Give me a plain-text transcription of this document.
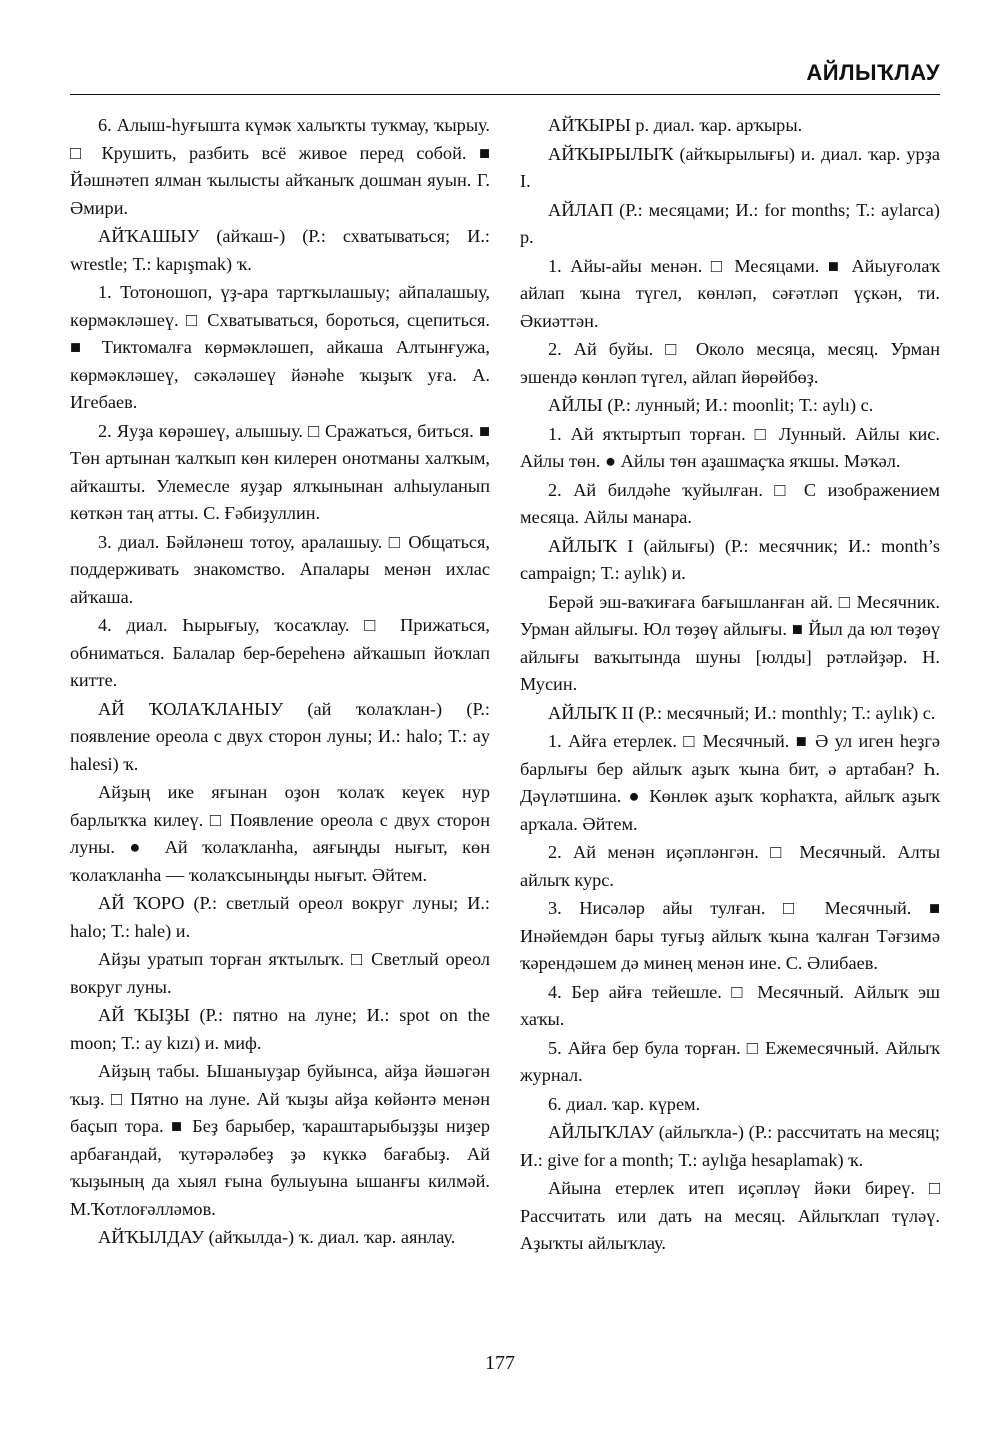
АЙЛЫҠЛАУ

6. Алыш-һуғышта күмәк халыҡты туҡмау, ҡырыу. □ Крушить, разбить всё живое перед собой. ■ Йәшнәтеп ялман ҡылысты айҡаныҡ дошман яуын. Г. Әмири.

АЙҠАШЫУ (айҡаш-) (Р.: схватываться; И.: wrestle; Т.: kapışmak) ҡ.

1. Тотоношоп, үҙ-ара тартҡылашыу; айпалашыу, көрмәкләшеү. □ Схватываться, бороться, сцепиться. ■ Тиктомалға көрмәкләшеп, айкаша Алтынғужа, көрмәкләшеү, сәкәләшеү йәнәһе ҡыҙыҡ уға. А. Игебаев.

2. Яуҙа көрәшеү, алышыу. □ Сражаться, биться. ■ Төн артынан ҡалҡып көн килерен онотманы халҡым, айҡашты. Улемесле яуҙар ялҡынынан алһыуланып көткән таң атты. С. Ғәбиҙуллин.

3. диал. Бәйләнеш тотоу, аралашыу. □ Общаться, поддерживать знакомство. Апалары менән ихлас айҡаша.

4. диал. Һырығыу, ҡосаҡлау. □ Прижаться, обниматься. Балалар бер-береһенә айҡашып йоҡлап китте.

АЙ ҠОЛАҠЛАНЫУ (ай ҡолаҡлан-) (Р.: появление ореола с двух сторон луны; И.: halo; Т.: ay halesi) ҡ.

Айҙың ике яғынан оҙон ҡолаҡ кеүек нур барлыҡҡа килеү. □ Появление ореола с двух сторон луны. ● Ай ҡолаҡланһа, аяғыңды нығыт, көн ҡолаҡланһа — ҡолаҡсыныңды нығыт. Әйтем.

АЙ ҠОРО (Р.: светлый ореол вокруг луны; И.: halo; Т.: hale) и.

Айҙы уратып торған яҡтылыҡ. □ Светлый ореол вокруг луны.

АЙ ҠЫҘЫ (Р.: пятно на луне; И.: spot on the moon; Т.: ay kızı) и. миф.

Айҙың табы. Ышаныуҙар буйынса, айҙа йәшәгән ҡыҙ. □ Пятно на луне. Ай ҡыҙы айҙа көйәнтә менән баҫып тора. ■ Беҙ барыбер, ҡараштарыбыҙҙы ниҙер арбағандай, ҡутәрәләбеҙ ҙә күккә бағабыҙ. Ай ҡыҙының да хыял ғына булыуына ышанғы килмәй. М.Ҡотлоғәлләмов.

АЙҠЫЛДАУ (айҡылда-) ҡ. диал. ҡар. аянлау.

АЙҠЫРЫ р. диал. ҡар. арҡыры.

АЙҠЫРЫЛЫҠ (айҡырылығы) и. диал. ҡар. урҙа I.

АЙЛАП (Р.: месяцами; И.: for months; Т.: aylarca) р.

1. Айы-айы менән. □ Месяцами. ■ Айыуғолаҡ айлап ҡына түгел, көнләп, сәғәтләп үҫкән, ти. Әкиәттән.

2. Ай буйы. □ Около месяца, месяц. Урман эшендә көнләп түгел, айлап йөрөйбөҙ.

АЙЛЫ (Р.: лунный; И.: moonlit; Т.: aylı) с.

1. Ай яҡтыртып торған. □ Лунный. Айлы кис. Айлы төн. ● Айлы төн аҙашмаҫҡа яҡшы. Мәҡәл.

2. Ай билдәһе ҡуйылған. □ С изображением месяца. Айлы манара.

АЙЛЫҠ I (айлығы) (Р.: месячник; И.: month’s campaign; Т.: aylık) и.

Берәй эш-ваҡиғаға бағышланған ай. □ Месячник. Урман айлығы. Юл төҙөү айлығы. ■ Йыл да юл төҙөү айлығы ваҡытында шуны [юлды] рәтләйҙәр. Н. Мусин.

АЙЛЫҠ II (Р.: месячный; И.: monthly; Т.: aylık) с.

1. Айға етерлек. □ Месячный. ■ Ә ул иген һеҙгә барлығы бер айлыҡ аҙыҡ ҡына бит, ә артабан? Һ. Дәүләтшина. ● Көнлөк аҙыҡ ҡорһаҡта, айлыҡ аҙыҡ арҡала. Әйтем.

2. Ай менән иҫәпләнгән. □ Месячный. Алты айлыҡ курс.

3. Нисәләр айы тулған. □ Месячный. ■ Инәйемдән бары туғыҙ айлыҡ ҡына ҡалған Тәғзимә ҡәрендәшем дә минең менән ине. С. Әлибаев.

4. Бер айға тейешле. □ Месячный. Айлыҡ эш хаҡы.

5. Айға бер була торған. □ Ежемесячный. Айлыҡ журнал.

6. диал. ҡар. күрем.

АЙЛЫҠЛАУ (айлыҡла-) (Р.: рассчитать на месяц; И.: give for a month; Т.: aylığa hesaplamak) ҡ.

Айына етерлек итеп иҫәпләү йәки биреү. □ Рассчитать или дать на месяц. Айлыҡлап түләү. Аҙыҡты айлыҡлау.

177
